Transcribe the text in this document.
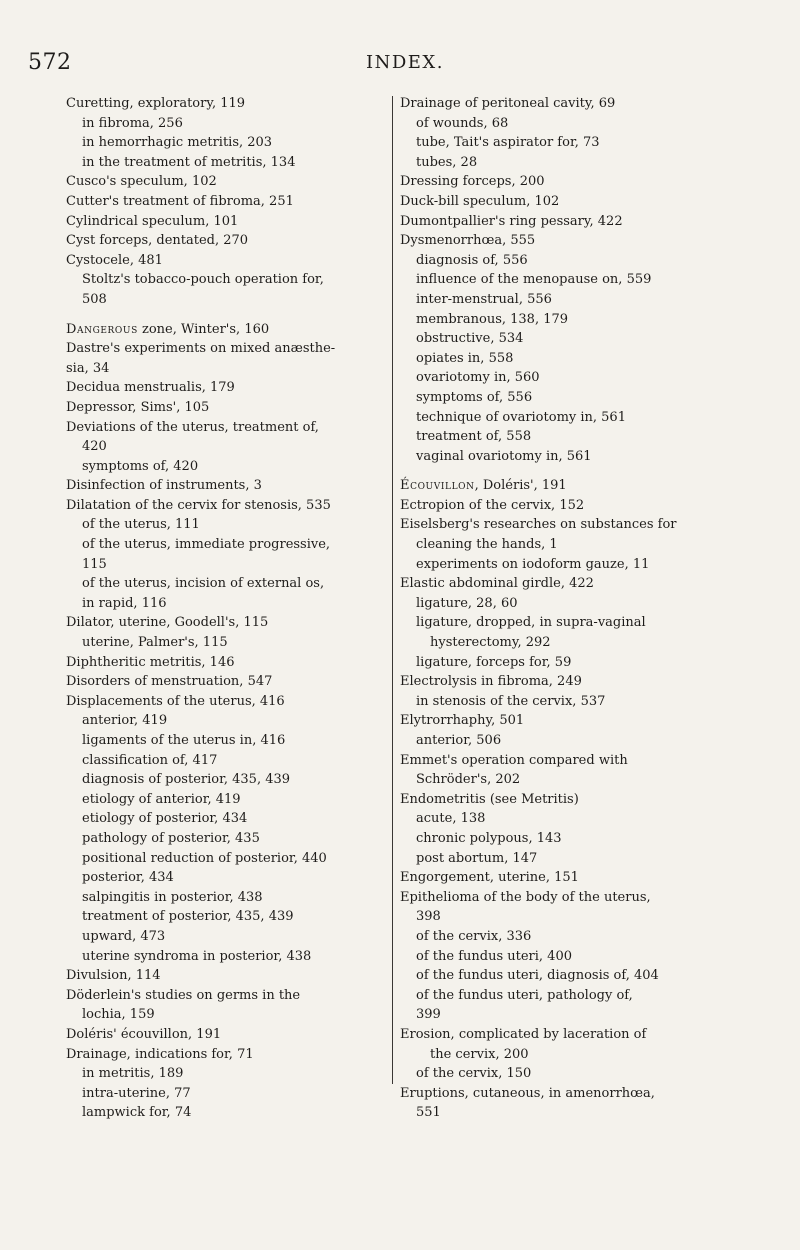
572	INDEX.
Curetting, exploratory, 119
in fibroma, 256
in hemorrhagic metritis, 203
in the treatment of metritis, 134
Cusco's speculum, 102
Cutter's treatment of fibroma, 251
Cylindrical speculum, 101
Cyst forceps, dentated, 270
Cystocele, 481
Stoltz's tobacco-pouch operation for,
508
Dangerous zone, Winter's, 160
Dastre's experiments on mixed anæsthe-
sia, 34
Decidua menstrualis, 179
Depressor, Sims', 105
Deviations of the uterus, treatment of,
420
symptoms of, 420
Disinfection of instruments, 3
Dilatation of the cervix for stenosis, 535
of the uterus, 111
of the uterus, immediate progressive,
115
of the uterus, incision of external os,
in rapid, 116
Dilator, uterine, Goodell's, 115
uterine, Palmer's, 115
Diphtheritic metritis, 146
Disorders of menstruation, 547
Displacements of the uterus, 416
anterior, 419
ligaments of the uterus in, 416
classification of, 417
diagnosis of posterior, 435, 439
etiology of anterior, 419
etiology of posterior, 434
pathology of posterior, 435
positional reduction of posterior, 440
posterior, 434
salpingitis in posterior, 438
treatment of posterior, 435, 439
upward, 473
uterine syndroma in posterior, 438
Divulsion, 114
Döderlein's studies on germs in the
lochia, 159
Doléris' écouvillon, 191
Drainage, indications for, 71
in metritis, 189
intra-uterine, 77
lampwick for, 74
Drainage of peritoneal cavity, 69
of wounds, 68
tube, Tait's aspirator for, 73
tubes, 28
Dressing forceps, 200
Duck-bill speculum, 102
Dumontpallier's ring pessary, 422
Dysmenorrhœa, 555
diagnosis of, 556
influence of the menopause on, 559
inter-menstrual, 556
membranous, 138, 179
obstructive, 534
opiates in, 558
ovariotomy in, 560
symptoms of, 556
technique of ovariotomy in, 561
treatment of, 558
vaginal ovariotomy in, 561
Écouvillon, Doléris', 191
Ectropion of the cervix, 152
Eiselsberg's researches on substances for
cleaning the hands, 1
experiments on iodoform gauze, 11
Elastic abdominal girdle, 422
ligature, 28, 60
ligature, dropped, in supra-vaginal
hysterectomy, 292
ligature, forceps for, 59
Electrolysis in fibroma, 249
in stenosis of the cervix, 537
Elytrorrhaphy, 501
anterior, 506
Emmet's operation compared with
Schröder's, 202
Endometritis (see Metritis)
acute, 138
chronic polypous, 143
post abortum, 147
Engorgement, uterine, 151
Epithelioma of the body of the uterus,
398
of the cervix, 336
of the fundus uteri, 400
of the fundus uteri, diagnosis of, 404
of the fundus uteri, pathology of,
399
Erosion, complicated by laceration of
the cervix, 200
of the cervix, 150
Eruptions, cutaneous, in amenorrhœa,
551
